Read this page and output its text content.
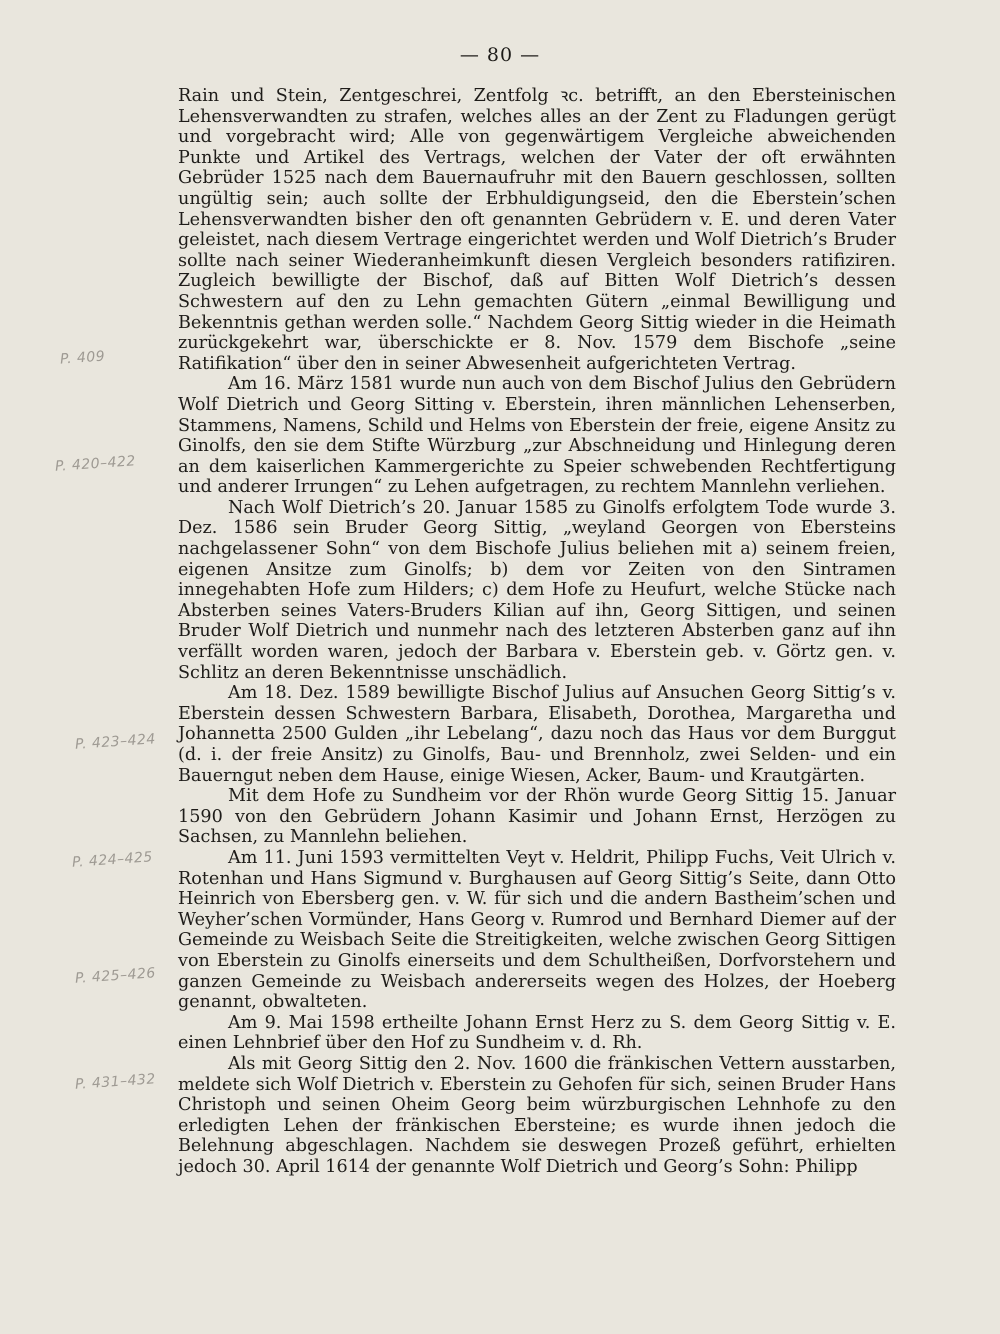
— 80 —
P. 409
P. 420–422
P. 423–424
P. 424–425
P. 425–426
P. 431–432

Rain und Stein, Zentgeschrei, Zentfolg ꝛc. betrifft, an den Ebersteinischen Lehensverwandten zu strafen, welches alles an der Zent zu Fladungen gerügt und vorgebracht wird; Alle von gegenwärtigem Vergleiche abweichenden Punkte und Artikel des Vertrags, welchen der Vater der oft erwähnten Gebrüder 1525 nach dem Bauernaufruhr mit den Bauern geschlossen, sollten ungültig sein; auch sollte der Erbhuldigungseid, den die Eberstein’schen Lehensverwandten bisher den oft genannten Gebrüdern v. E. und deren Vater geleistet, nach diesem Vertrage eingerichtet werden und Wolf Dietrich’s Bruder sollte nach seiner Wiederanheimkunft diesen Vergleich besonders ratifiziren. Zugleich bewilligte der Bischof, daß auf Bitten Wolf Dietrich’s dessen Schwestern auf den zu Lehn gemachten Gütern „einmal Bewilligung und Bekenntnis gethan werden solle.“ Nachdem Georg Sittig wieder in die Heimath zurückgekehrt war, überschickte er 8. Nov. 1579 dem Bischofe „seine Ratifikation“ über den in seiner Abwesenheit aufgerichteten Vertrag.

Am 16. März 1581 wurde nun auch von dem Bischof Julius den Gebrüdern Wolf Dietrich und Georg Sitting v. Eberstein, ihren männlichen Lehenserben, Stammens, Namens, Schild und Helms von Eberstein der freie, eigene Ansitz zu Ginolfs, den sie dem Stifte Würzburg „zur Abschneidung und Hinlegung deren an dem kaiserlichen Kammergerichte zu Speier schwebenden Rechtfertigung und anderer Irrungen“ zu Lehen aufgetragen, zu rechtem Mannlehn verliehen.

Nach Wolf Dietrich’s 20. Januar 1585 zu Ginolfs erfolgtem Tode wurde 3. Dez. 1586 sein Bruder Georg Sittig, „weyland Georgen von Ebersteins nachgelassener Sohn“ von dem Bischofe Julius beliehen mit a) seinem freien, eigenen Ansitze zum Ginolfs; b) dem vor Zeiten von den Sintramen innegehabten Hofe zum Hilders; c) dem Hofe zu Heufurt, welche Stücke nach Absterben seines Vaters-Bruders Kilian auf ihn, Georg Sittigen, und seinen Bruder Wolf Dietrich und nunmehr nach des letzteren Absterben ganz auf ihn verfällt worden waren, jedoch der Barbara v. Eberstein geb. v. Görtz gen. v. Schlitz an deren Bekenntnisse unschädlich.

Am 18. Dez. 1589 bewilligte Bischof Julius auf Ansuchen Georg Sittig’s v. Eberstein dessen Schwestern Barbara, Elisabeth, Dorothea, Margaretha und Johannetta 2500 Gulden „ihr Lebelang“, dazu noch das Haus vor dem Burggut (d. i. der freie Ansitz) zu Ginolfs, Bau- und Brennholz, zwei Selden- und ein Bauerngut neben dem Hause, einige Wiesen, Acker, Baum- und Krautgärten.

Mit dem Hofe zu Sundheim vor der Rhön wurde Georg Sittig 15. Januar 1590 von den Gebrüdern Johann Kasimir und Johann Ernst, Herzögen zu Sachsen, zu Mannlehn beliehen.

Am 11. Juni 1593 vermittelten Veyt v. Heldrit, Philipp Fuchs, Veit Ulrich v. Rotenhan und Hans Sigmund v. Burghausen auf Georg Sittig’s Seite, dann Otto Heinrich von Ebersberg gen. v. W. für sich und die andern Bastheim’schen und Weyher’schen Vormünder, Hans Georg v. Rumrod und Bernhard Diemer auf der Gemeinde zu Weisbach Seite die Streitigkeiten, welche zwischen Georg Sittigen von Eberstein zu Ginolfs einerseits und dem Schultheißen, Dorfvorstehern und ganzen Gemeinde zu Weisbach andererseits wegen des Holzes, der Hoeberg genannt, obwalteten.

Am 9. Mai 1598 ertheilte Johann Ernst Herz zu S. dem Georg Sittig v. E. einen Lehnbrief über den Hof zu Sundheim v. d. Rh.

Als mit Georg Sittig den 2. Nov. 1600 die fränkischen Vettern ausstarben, meldete sich Wolf Dietrich v. Eberstein zu Gehofen für sich, seinen Bruder Hans Christoph und seinen Oheim Georg beim würzburgischen Lehnhofe zu den erledigten Lehen der fränkischen Ebersteine; es wurde ihnen jedoch die Belehnung abgeschlagen. Nachdem sie deswegen Prozeß geführt, erhielten jedoch 30. April 1614 der genannte Wolf Dietrich und Georg’s Sohn: Philipp
